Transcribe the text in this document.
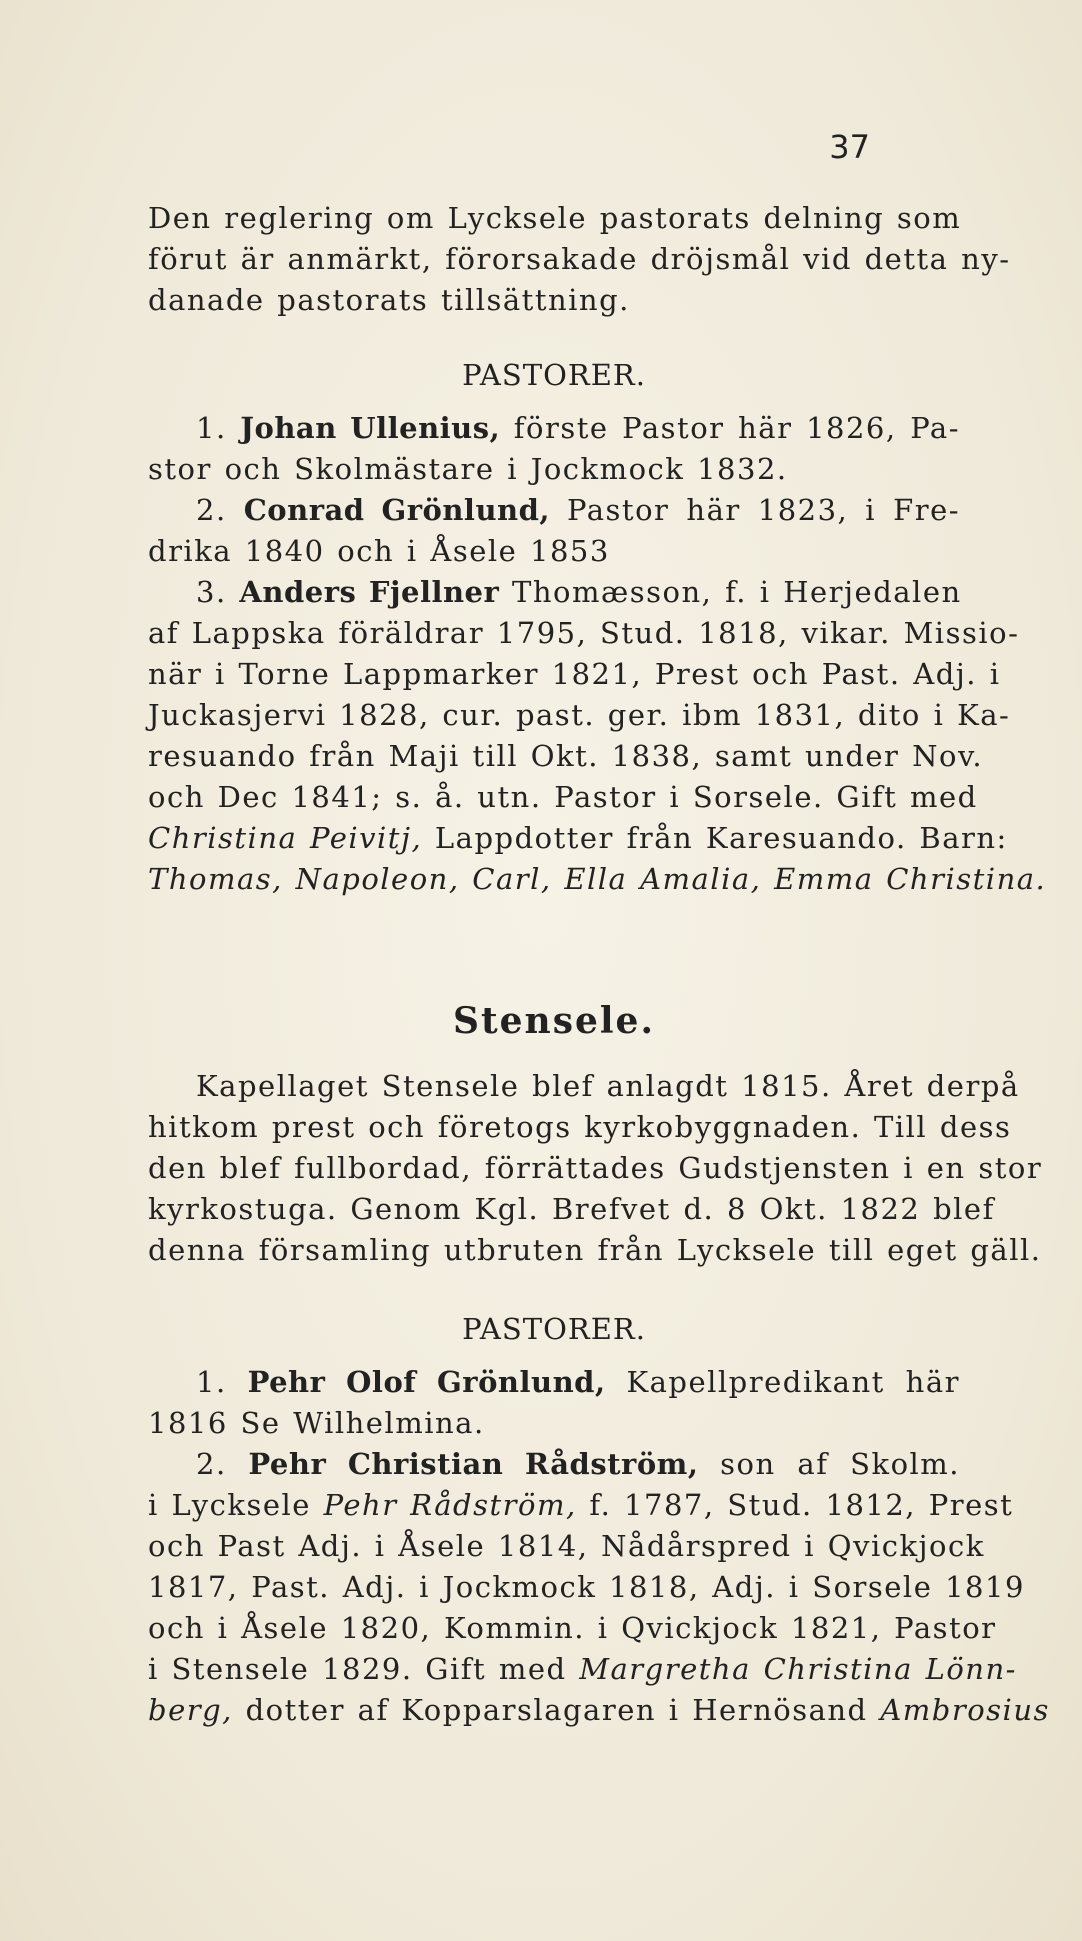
37

Den reglering om Lycksele pastorats delning som
förut är anmärkt, förorsakade dröjsmål vid detta ny-
danade pastorats tillsättning.

PASTORER.

1. Johan Ullenius, förste Pastor här 1826, Pa-
stor och Skolmästare i Jockmock 1832.

2. Conrad Grönlund, Pastor här 1823, i Fre-
drika 1840 och i Åsele 1853

3. Anders Fjellner Thomæsson, f. i Herjedalen
af Lappska föräldrar 1795, Stud. 1818, vikar. Missio-
när i Torne Lappmarker 1821, Prest och Past. Adj. i
Juckasjervi 1828, cur. past. ger. ibm 1831, dito i Ka-
resuando från Maji till Okt. 1838, samt under Nov.
och Dec 1841; s. å. utn. Pastor i Sorsele. Gift med
Christina Peivitj, Lappdotter från Karesuando. Barn:
Thomas, Napoleon, Carl, Ella Amalia, Emma Christina.

Stensele.

Kapellaget Stensele blef anlagdt 1815. Året derpå
hitkom prest och företogs kyrkobyggnaden. Till dess
den blef fullbordad, förrättades Gudstjensten i en stor
kyrkostuga. Genom Kgl. Brefvet d. 8 Okt. 1822 blef
denna församling utbruten från Lycksele till eget gäll.

PASTORER.

1. Pehr Olof Grönlund, Kapellpredikant här
1816 Se Wilhelmina.

2. Pehr Christian Rådström, son af Skolm.
i Lycksele Pehr Rådström, f. 1787, Stud. 1812, Prest
och Past Adj. i Åsele 1814, Nådårspred i Qvickjock
1817, Past. Adj. i Jockmock 1818, Adj. i Sorsele 1819
och i Åsele 1820, Kommin. i Qvickjock 1821, Pastor
i Stensele 1829. Gift med Margretha Christina Lönn-
berg, dotter af Kopparslagaren i Hernösand Ambrosius
